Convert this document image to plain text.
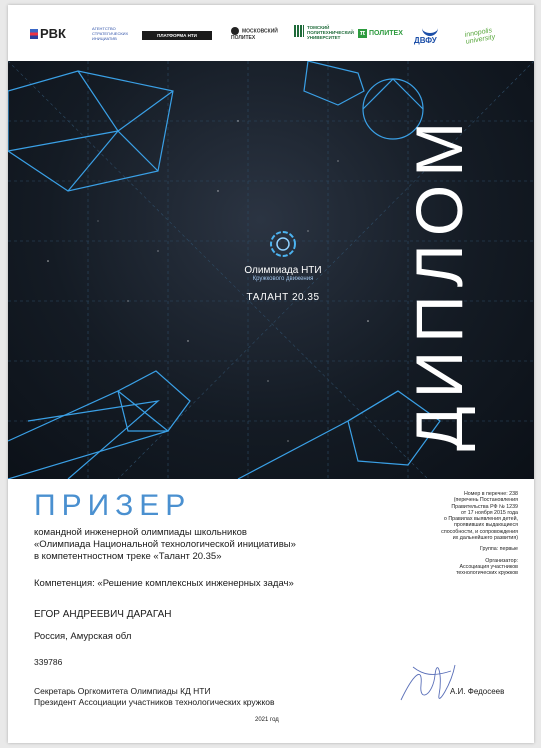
РВК	АГЕНТСТВО СТРАТЕГИЧЕСКИХ ИНИЦИАТИВ
ПЛАТФОРМА НТИ
МОСКОВСКИЙ ПОЛИТЕХ
ТОМСКИЙ ПОЛИТЕХНИЧЕСКИЙ УНИВЕРСИТЕТ
π ПОЛИТЕХ
ДВФУ
innopolis university
Олимпиада НТИ
Кружкового движения
ТАЛАНТ 20.35 ДИПЛОМ
ПРИЗЕР
командной инженерной олимпиады школьников
«Олимпиада Национальной технологической инициативы»
в компетентностном треке «Талант 20.35»
Компетенция: «Решение комплексных инженерных задач»
ЕГОР АНДРЕЕВИЧ ДАРАГАН
Россия, Амурская обл
339786
Секретарь Оргкомитета Олимпиады КД НТИ
Президент Ассоциации участников технологических кружков
А.И. Федосеев
2021 год
Номер в перечне: 238
(перечень Постановления
Правительства РФ № 1239
от 17 ноября 2015 года
о Правилах выявления детей,
проявивших выдающиеся
способности, и сопровождения
их дальнейшего развития)
Группа: первые
Организатор:
Ассоциация участников
технологических кружков
